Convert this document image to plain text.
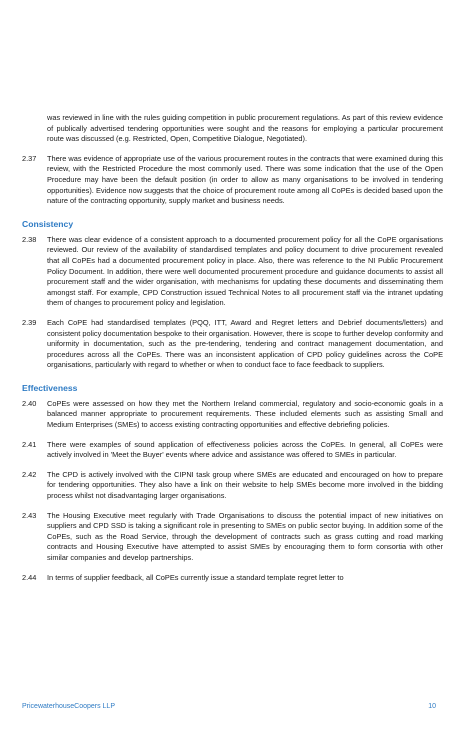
was reviewed in line with the rules guiding competition in public procurement regulations. As part of this review evidence of publically advertised tendering opportunities were sought and the reasons for employing a particular procurement route was discussed (e.g. Restricted, Open, Competitive Dialogue, Negotiated).
2.37	There was evidence of appropriate use of the various procurement routes in the contracts that were examined during this review, with the Restricted Procedure the most commonly used. There was some indication that the use of the Open Procedure may have been the default position (in order to allow as many organisations to be involved in tendering opportunities). Evidence now suggests that the choice of procurement route among all CoPEs is decided based upon the nature of the contracting opportunity, supply market and business needs.
Consistency
2.38	There was clear evidence of a consistent approach to a documented procurement policy for all the CoPE organisations reviewed. Our review of the availability of standardised templates and policy document to drive procurement revealed that all CoPEs had a documented procurement policy in place. Also, there was reference to the NI Public Procurement Policy Document. In addition, there were well documented procurement procedure and guidance documents to assist all procurement staff and the wider organisation, with mechanisms for updating these documents and disseminating them amongst staff. For example, CPD Construction issued Technical Notes to all procurement staff via the intranet updating them of changes to procurement policy and legislation.
2.39	Each CoPE had standardised templates (PQQ, ITT, Award and Regret letters and Debrief documents/letters) and consistent policy documentation bespoke to their organisation. However, there is scope to further develop conformity and uniformity in documentation, such as the pre-tendering, tendering and contract management documentation, and procedures across all the CoPEs. There was an inconsistent application of CPD policy guidelines across the CoPE organisations, particularly with regard to whether or when to conduct face to face feedback to suppliers.
Effectiveness
2.40	CoPEs were assessed on how they met the Northern Ireland commercial, regulatory and socio-economic goals in a balanced manner appropriate to procurement requirements. These included elements such as assisting Small and Medium Enterprises (SMEs) to access existing contracting opportunities and effective debriefing policies.
2.41	There were examples of sound application of effectiveness policies across the CoPEs. In general, all CoPEs were actively involved in 'Meet the Buyer' events where advice and assistance was offered to SMEs in particular.
2.42	The CPD is actively involved with the CIPNI task group where SMEs are educated and encouraged on how to prepare for tendering opportunities. They also have a link on their website to help SMEs become more involved in the bidding process whilst not disadvantaging larger organisations.
2.43	The Housing Executive meet regularly with Trade Organisations to discuss the potential impact of new initiatives on suppliers and CPD SSD is taking a significant role in presenting to SMEs on public sector buying. In addition some of the CoPEs, such as the Road Service, through the development of contracts such as grass cutting and road marking contracts and Housing Executive have attempted to assist SMEs by encouraging them to form consortia with other similar companies and develop partnerships.
2.44	In terms of supplier feedback, all CoPEs currently issue a standard template regret letter to
PricewaterhouseCoopers LLP	10
